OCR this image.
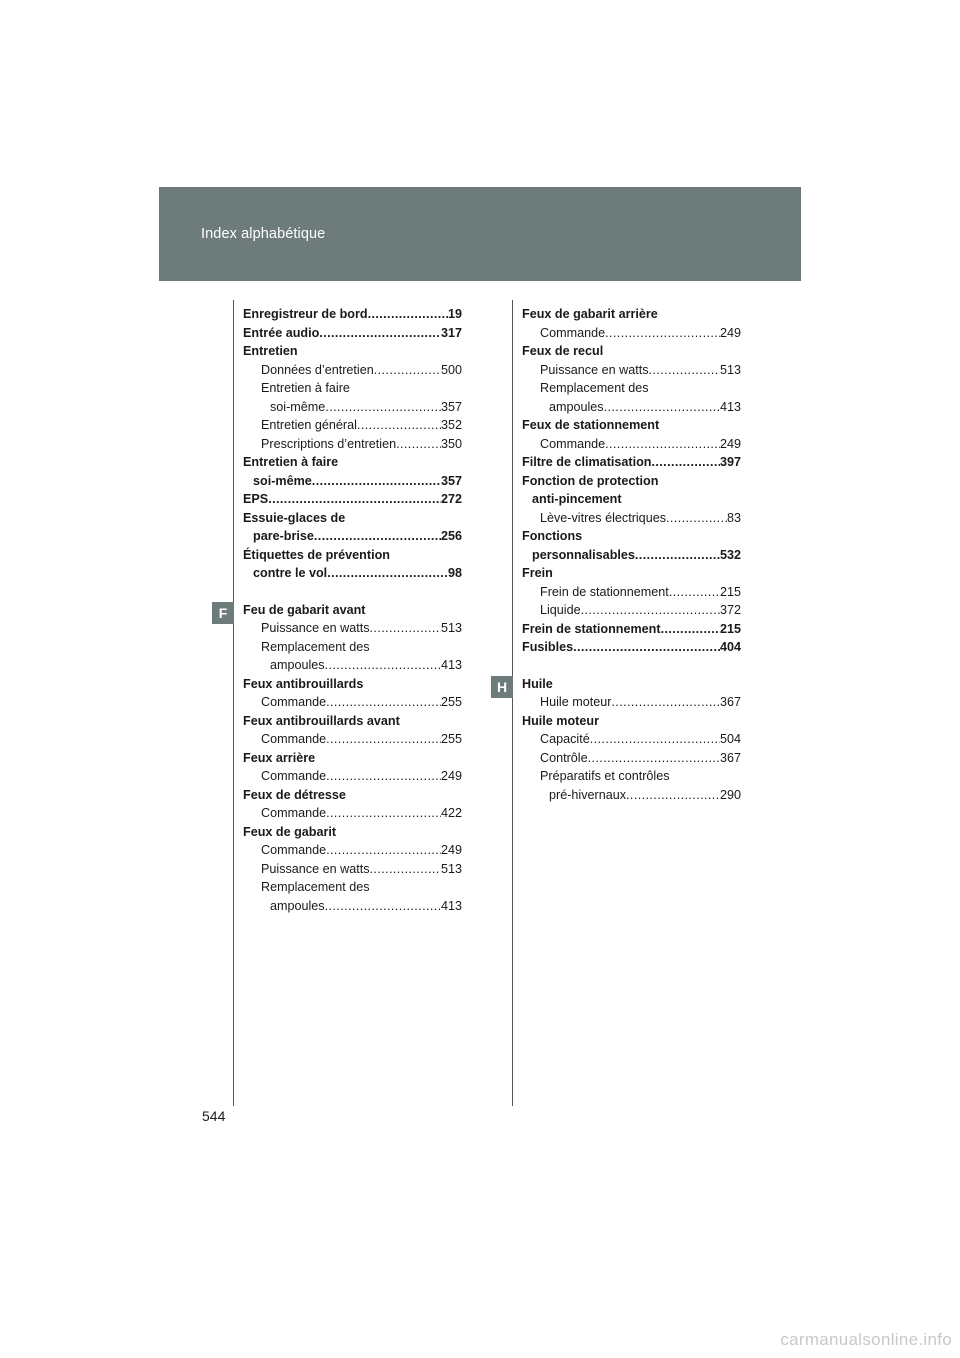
Index alphabétique
Enregistreur de bord .....	19
Entrée audio .....	317
Entretien
Données d’entretien .....	500
Entretien à faire
soi-même .....	357
Entretien général .....	352
Prescriptions d’entretien .....	350
Entretien à faire
soi-même .....	357
EPS .....	272
Essuie-glaces de
pare-brise .....	256
Étiquettes de prévention
contre le vol .....	98
Feu de gabarit avant
Puissance en watts .....	513
Remplacement des
ampoules .....	413
Feux antibrouillards
Commande .....	255
Feux antibrouillards avant
Commande .....	255
Feux arrière
Commande .....	249
Feux de détresse
Commande .....	422
Feux de gabarit
Commande .....	249
Puissance en watts .....	513
Remplacement des
ampoules .....	413
Feux de gabarit arrière
Commande .....	249
Feux de recul
Puissance en watts .....	513
Remplacement des
ampoules .....	413
Feux de stationnement
Commande .....	249
Filtre de climatisation .....	397
Fonction de protection
anti-pincement
Lève-vitres électriques .....	83
Fonctions
personnalisables .....	532
Frein
Frein de stationnement .....	215
Liquide .....	372
Frein de stationnement .....	215
Fusibles .....	404
Huile
Huile moteur .....	367
Huile moteur
Capacité .....	504
Contrôle .....	367
Préparatifs et contrôles
pré-hivernaux .....	290
F
H
544
carmanualsonline.info
